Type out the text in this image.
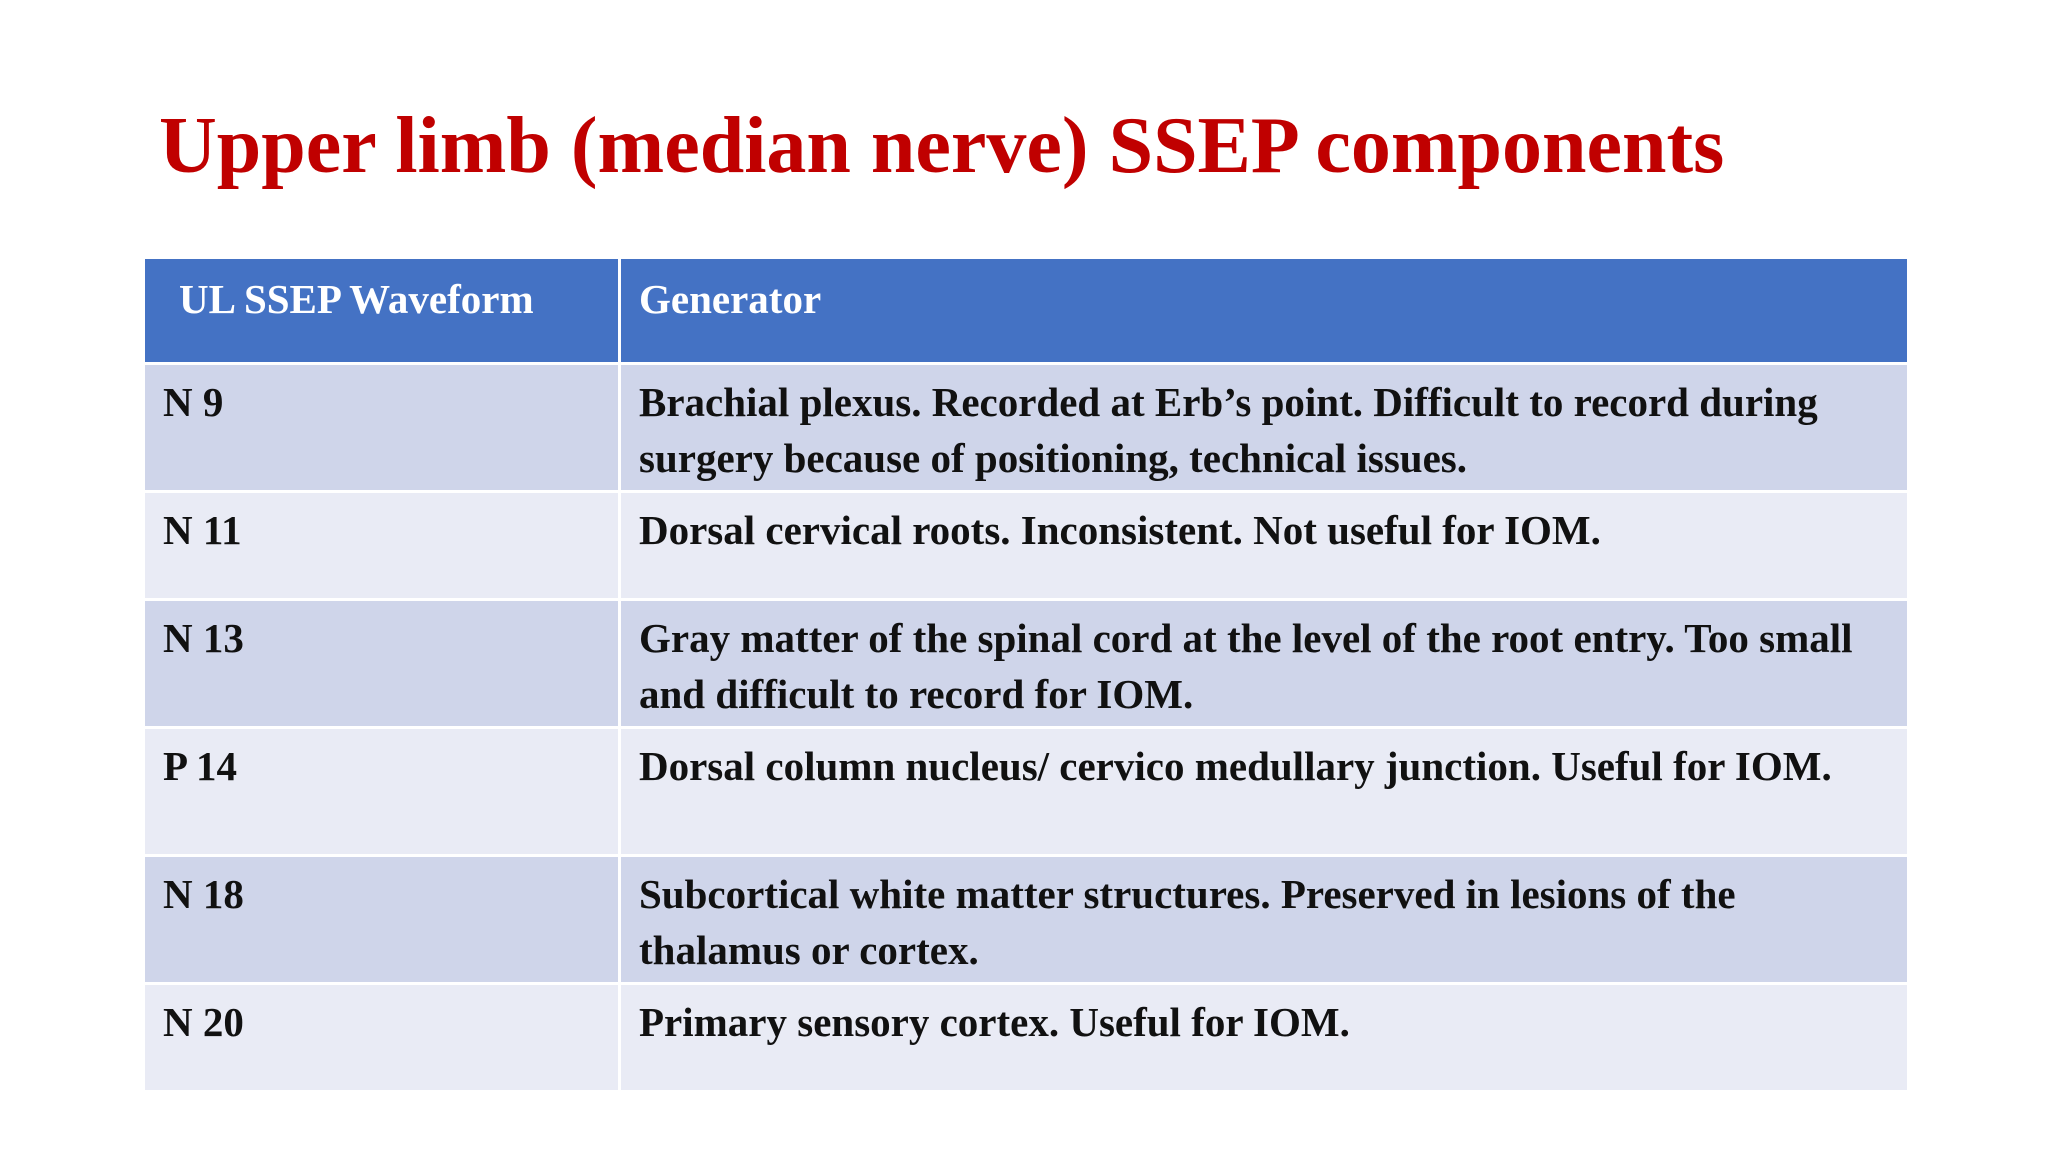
Upper limb (median nerve) SSEP components
UL SSEP Waveform	Generator
N 9	Brachial plexus. Recorded at Erb’s point. Difficult to record during surgery because of positioning, technical issues.
N 11	Dorsal cervical roots. Inconsistent. Not useful for IOM.
N 13	Gray matter of the spinal cord at the level of the root entry. Too small and difficult to record for IOM.
P 14	Dorsal column nucleus/ cervico medullary junction. Useful for IOM.
N 18	Subcortical white matter structures. Preserved in lesions of the thalamus or cortex.
N 20	Primary sensory cortex. Useful for IOM.
